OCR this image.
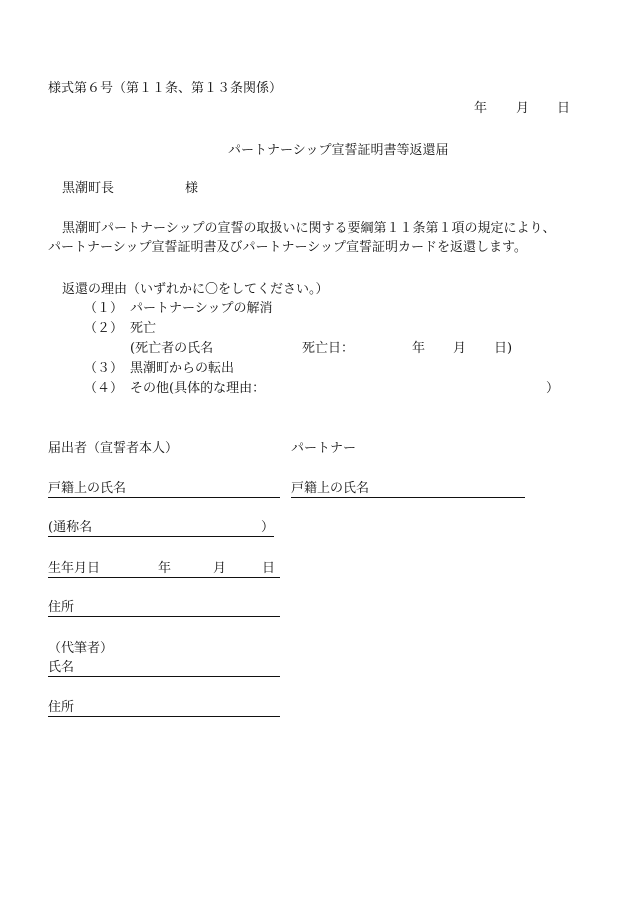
様式第６号（第１１条、第１３条関係）
年 月 日
パートナーシップ宣誓証明書等返還届
黒潮町長	様
黒潮町パートナーシップの宣誓の取扱いに関する要綱第１１条第１項の規定により、
パートナーシップ宣誓証明書及びパートナーシップ宣誓証明カードを返還します。
返還の理由（いずれかに〇をしてください。）
（１） パートナーシップの解消
（２） 死亡
(死亡者の氏名	死亡日：	年 月 日)
（３） 黒潮町からの転出
（４） その他(具体的な理由：	）
届出者（宣誓者本人）	パートナー
戸籍上の氏名	戸籍上の氏名
(通称名	）
生年月日	年	月	日
住所
（代筆者）
氏名
住所
